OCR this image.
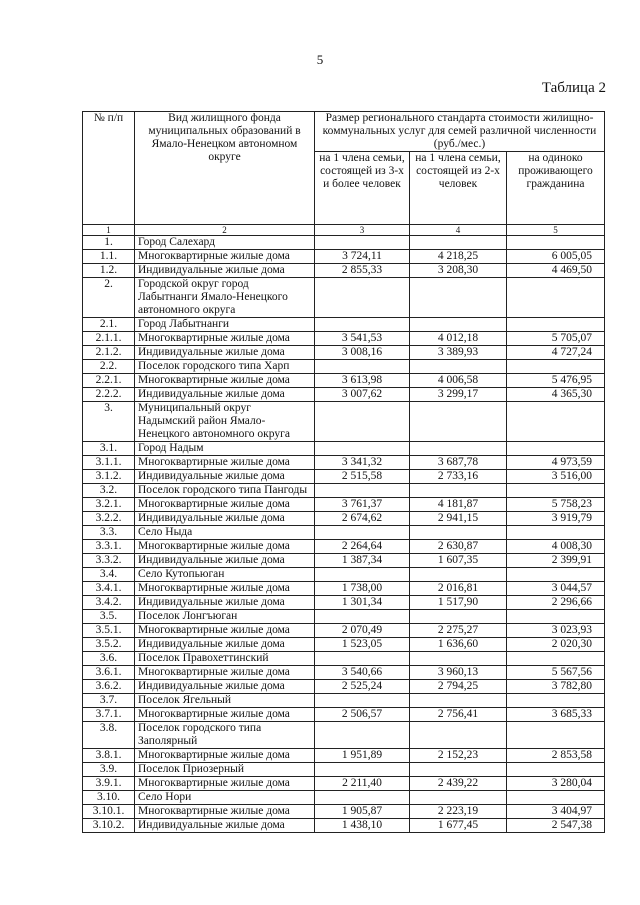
5
Таблица 2
№ п/п	Вид жилищного фонда муниципальных образований в Ямало-Ненецком автономном округе	Размер регионального стандарта стоимости жилищно-коммунальных услуг для семей различной численности (руб./мес.)		
		на 1 члена семьи, состоящей из 3-х и более человек	на 1 члена семьи, состоящей из 2-х человек	на одиноко проживающего гражданина
1	2	3	4	5
1.	Город Салехард			
1.1.	Многоквартирные жилые дома	3 724,11	4 218,25	6 005,05
1.2.	Индивидуальные жилые дома	2 855,33	3 208,30	4 469,50
2.	Городской округ город Лабытнанги Ямало-Ненецкого автономного округа			
2.1.	Город Лабытнанги			
2.1.1.	Многоквартирные жилые дома	3 541,53	4 012,18	5 705,07
2.1.2.	Индивидуальные жилые дома	3 008,16	3 389,93	4 727,24
2.2.	Поселок городского типа Харп			
2.2.1.	Многоквартирные жилые дома	3 613,98	4 006,58	5 476,95
2.2.2.	Индивидуальные жилые дома	3 007,62	3 299,17	4 365,30
3.	Муниципальный округ Надымский район Ямало-Ненецкого автономного округа			
3.1.	Город Надым			
3.1.1.	Многоквартирные жилые дома	3 341,32	3 687,78	4 973,59
3.1.2.	Индивидуальные жилые дома	2 515,58	2 733,16	3 516,00
3.2.	Поселок городского типа Пангоды			
3.2.1.	Многоквартирные жилые дома	3 761,37	4 181,87	5 758,23
3.2.2.	Индивидуальные жилые дома	2 674,62	2 941,15	3 919,79
3.3.	Село Ныда			
3.3.1.	Многоквартирные жилые дома	2 264,64	2 630,87	4 008,30
3.3.2.	Индивидуальные жилые дома	1 387,34	1 607,35	2 399,91
3.4.	Село Кутопьюган			
3.4.1.	Многоквартирные жилые дома	1 738,00	2 016,81	3 044,57
3.4.2.	Индивидуальные жилые дома	1 301,34	1 517,90	2 296,66
3.5.	Поселок Лонгъюган			
3.5.1.	Многоквартирные жилые дома	2 070,49	2 275,27	3 023,93
3.5.2.	Индивидуальные жилые дома	1 523,05	1 636,60	2 020,30
3.6.	Поселок Правохеттинский			
3.6.1.	Многоквартирные жилые дома	3 540,66	3 960,13	5 567,56
3.6.2.	Индивидуальные жилые дома	2 525,24	2 794,25	3 782,80
3.7.	Поселок Ягельный			
3.7.1.	Многоквартирные жилые дома	2 506,57	2 756,41	3 685,33
3.8.	Поселок городского типа Заполярный			
3.8.1.	Многоквартирные жилые дома	1 951,89	2 152,23	2 853,58
3.9.	Поселок Приозерный			
3.9.1.	Многоквартирные жилые дома	2 211,40	2 439,22	3 280,04
3.10.	Село Нори			
3.10.1.	Многоквартирные жилые дома	1 905,87	2 223,19	3 404,97
3.10.2.	Индивидуальные жилые дома	1 438,10	1 677,45	2 547,38
